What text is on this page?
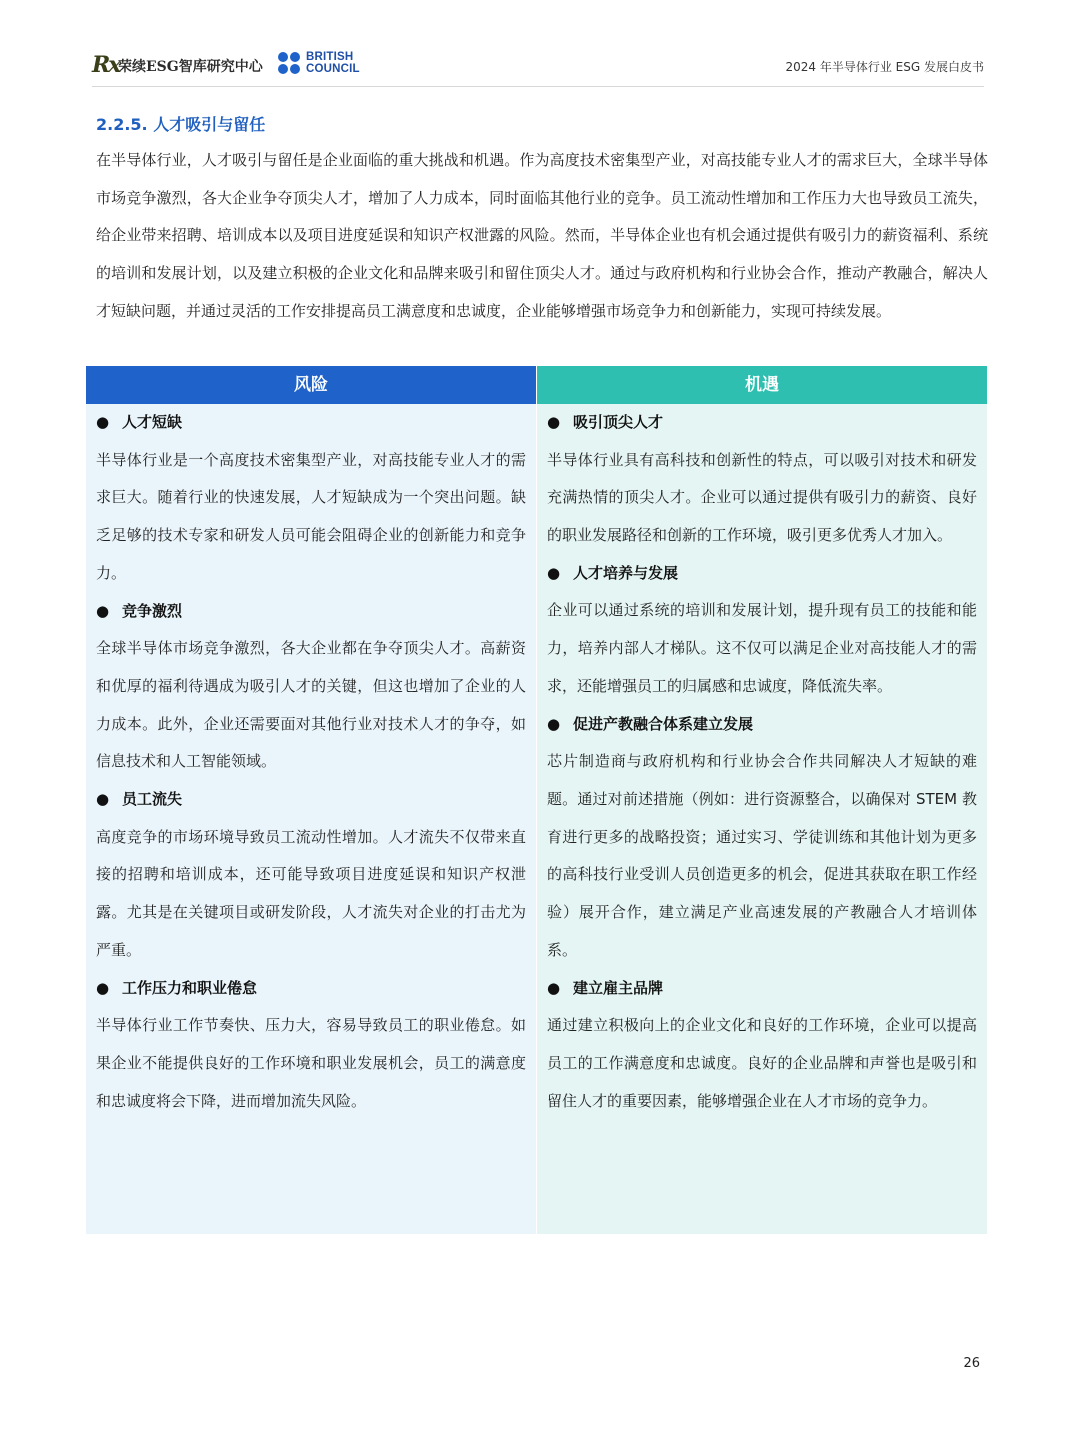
Rx
荣续ESG智库研究中心
BRITISH
COUNCIL	2024 年半导体行业 ESG 发展白皮书
2.2.5. 人才吸引与留任

在半导体行业，人才吸引与留任是企业面临的重大挑战和机遇。作为高度技术密集型产业，对高技能专业人才的需求巨大，全球半导体市场竞争激烈，各大企业争夺顶尖人才，增加了人力成本，同时面临其他行业的竞争。员工流动性增加和工作压力大也导致员工流失，给企业带来招聘、培训成本以及项目进度延误和知识产权泄露的风险。然而，半导体企业也有机会通过提供有吸引力的薪资福利、系统的培训和发展计划，以及建立积极的企业文化和品牌来吸引和留住顶尖人才。通过与政府机构和行业协会合作，推动产教融合，解决人才短缺问题，并通过灵活的工作安排提高员工满意度和忠诚度，企业能够增强市场竞争力和创新能力，实现可持续发展。

风险
● 人才短缺

半导体行业是一个高度技术密集型产业，对高技能专业人才的需求巨大。随着行业的快速发展，人才短缺成为一个突出问题。缺乏足够的技术专家和研发人员可能会阻碍企业的创新能力和竞争力。

● 竞争激烈

全球半导体市场竞争激烈，各大企业都在争夺顶尖人才。高薪资和优厚的福利待遇成为吸引人才的关键，但这也增加了企业的人力成本。此外，企业还需要面对其他行业对技术人才的争夺，如信息技术和人工智能领域。

● 员工流失

高度竞争的市场环境导致员工流动性增加。人才流失不仅带来直接的招聘和培训成本，还可能导致项目进度延误和知识产权泄露。尤其是在关键项目或研发阶段，人才流失对企业的打击尤为严重。

● 工作压力和职业倦怠

半导体行业工作节奏快、压力大，容易导致员工的职业倦怠。如果企业不能提供良好的工作环境和职业发展机会，员工的满意度和忠诚度将会下降，进而增加流失风险。

机遇
● 吸引顶尖人才

半导体行业具有高科技和创新性的特点，可以吸引对技术和研发充满热情的顶尖人才。企业可以通过提供有吸引力的薪资、良好的职业发展路径和创新的工作环境，吸引更多优秀人才加入。

● 人才培养与发展

企业可以通过系统的培训和发展计划，提升现有员工的技能和能力，培养内部人才梯队。这不仅可以满足企业对高技能人才的需求，还能增强员工的归属感和忠诚度，降低流失率。

● 促进产教融合体系建立发展

芯片制造商与政府机构和行业协会合作共同解决人才短缺的难题。通过对前述措施（例如：进行资源整合，以确保对 STEM 教育进行更多的战略投资；通过实习、学徒训练和其他计划为更多的高科技行业受训人员创造更多的机会，促进其获取在职工作经验）展开合作，建立满足产业高速发展的产教融合人才培训体系。

● 建立雇主品牌

通过建立积极向上的企业文化和良好的工作环境，企业可以提高员工的工作满意度和忠诚度。良好的企业品牌和声誉也是吸引和留住人才的重要因素，能够增强企业在人才市场的竞争力。

26
